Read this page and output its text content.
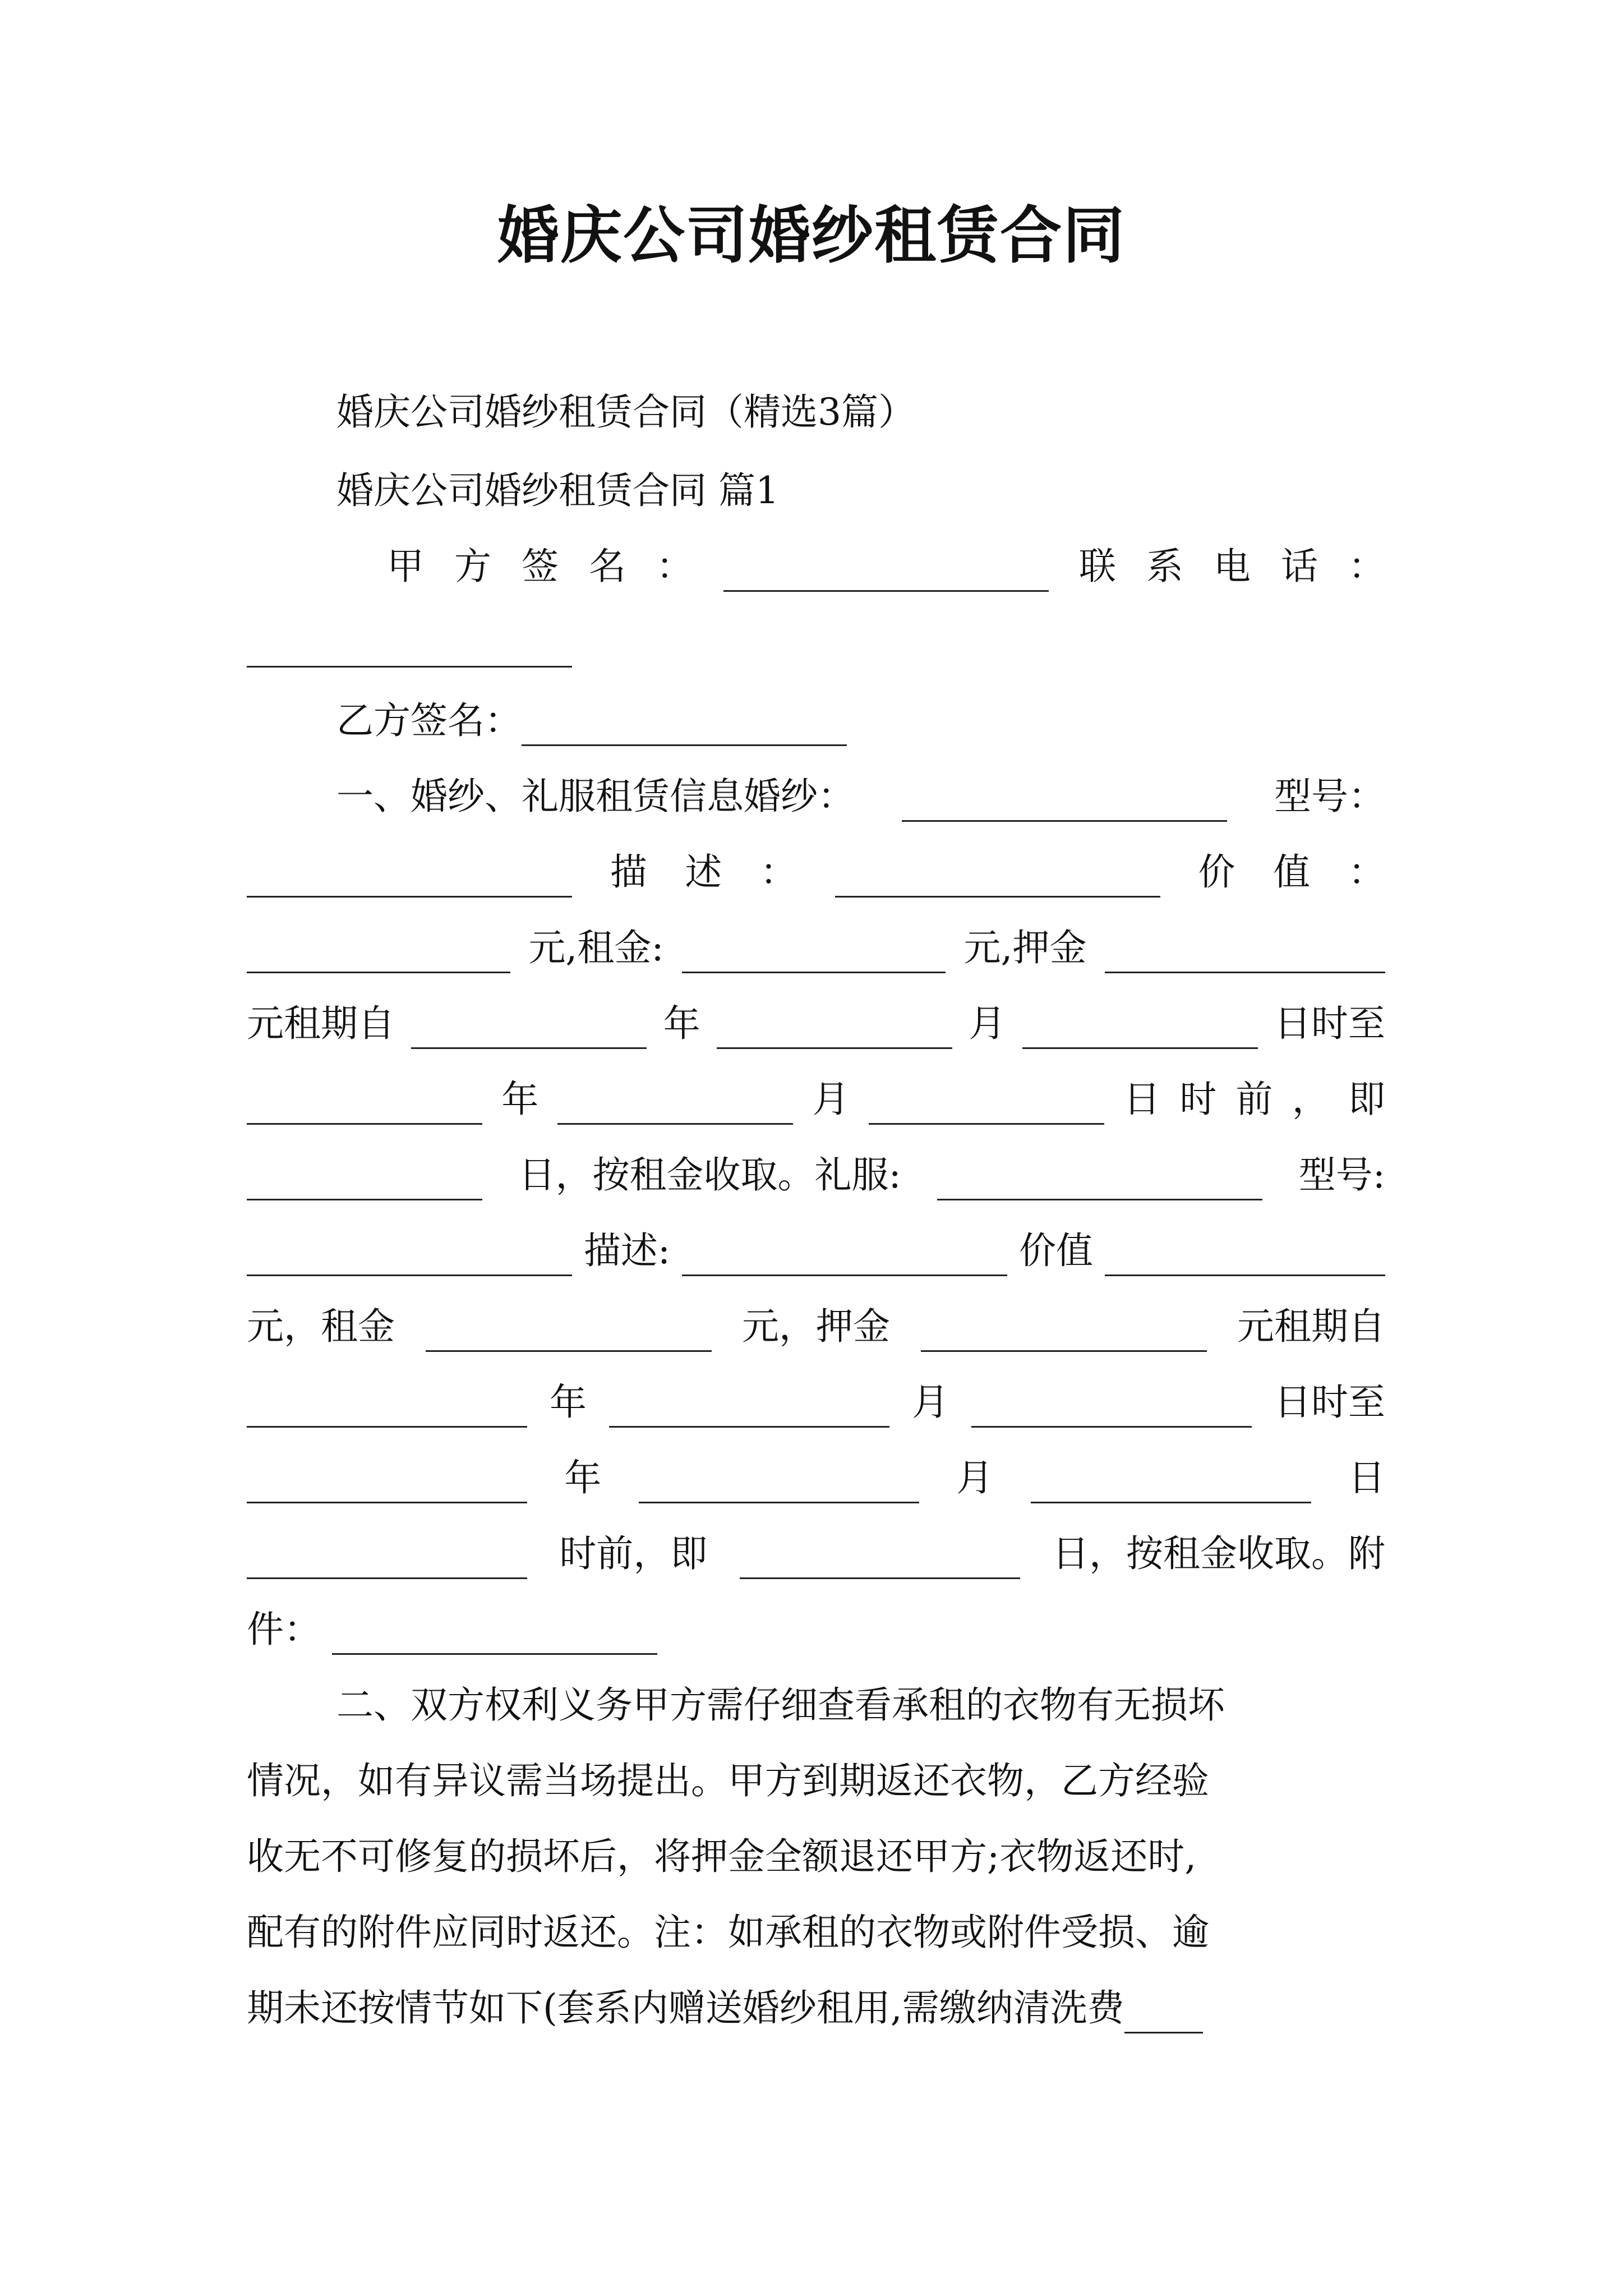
婚庆公司婚纱租赁合同
婚庆公司婚纱租赁合同（精选3篇）
婚庆公司婚纱租赁合同 篇1
甲 方 签 名 ：	联 系 电 话 ：
乙方签名：
一、婚纱、礼服租赁信息婚纱：	型号：
描 述 ：	价 值 ：
元,租金:	元,押金
元租期自	年	月	日时至
年	月	日 时 前 ， 即
日，按租金收取。礼服:	型号:
描述:	价值
元，租金	元，押金	元租期自
年	月	日时至
年	月	日
时前，即	日，按租金收取。附
件：
二、双方权利义务甲方需仔细查看承租的衣物有无损坏
情况，如有异议需当场提出。甲方到期返还衣物，乙方经验
收无不可修复的损坏后，将押金全额退还甲方;衣物返还时,
配有的附件应同时返还。注：如承租的衣物或附件受损、逾
期未还按情节如下(套系内赠送婚纱租用,需缴纳清洗费
